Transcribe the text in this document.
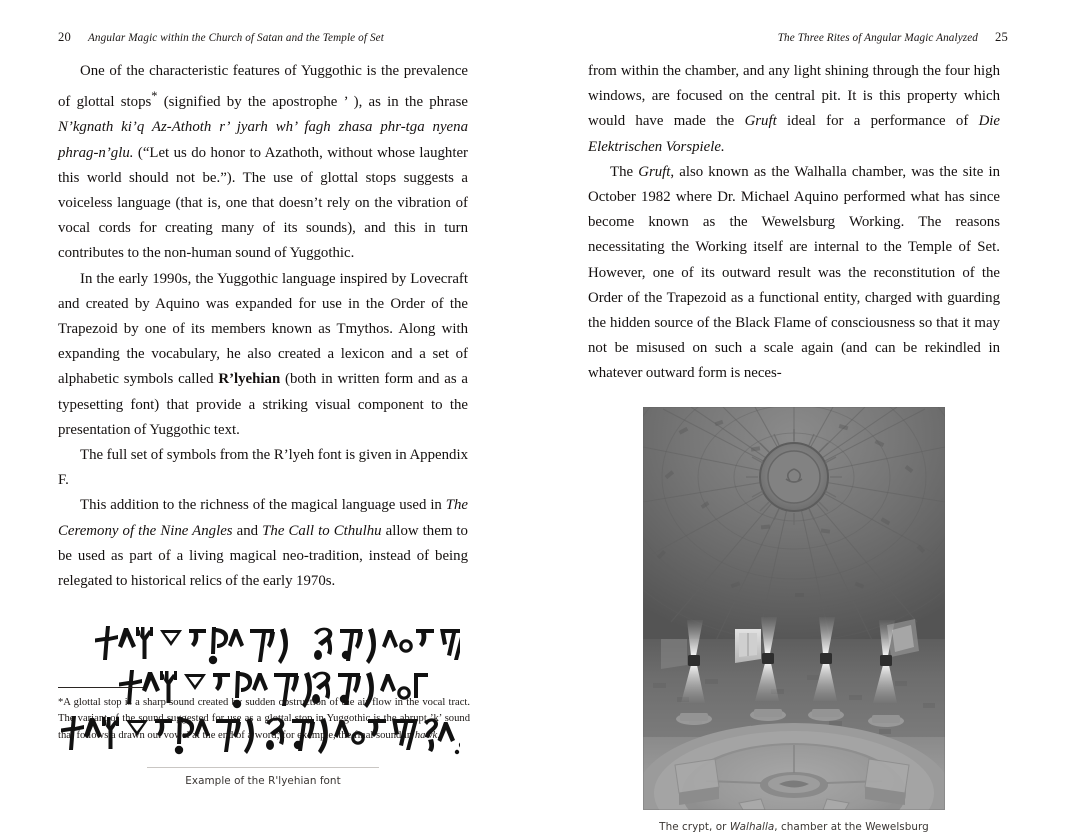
20 Angular Magic within the Church of Satan and the Temple of Set

One of the characteristic features of Yuggothic is the prevalence of glottal stops* (signified by the apostrophe ’ ), as in the phrase N’kgnath ki’q Az-Athoth r’ jyarh wh’ fagh zhasa phr-tga nyena phrag-n’glu. (“Let us do honor to Azathoth, without whose laughter this world should not be.”). The use of glottal stops suggests a voiceless language (that is, one that doesn’t rely on the vibration of vocal cords for creating many of its sounds), and this in turn contributes to the non-human sound of Yuggothic.

In the early 1990s, the Yuggothic language inspired by Lovecraft and created by Aquino was expanded for use in the Order of the Trapezoid by one of its members known as Tmythos. Along with expanding the vocabulary, he also created a lexicon and a set of alphabetic symbols called R’lyehian (both in written form and as a typesetting font) that provide a striking visual component to the presentation of Yuggothic text.

The full set of symbols from the R’lyeh font is given in Appendix F.

This addition to the richness of the magical language used in The Ceremony of the Nine Angles and The Call to Cthulhu allow them to be used as part of a living magical neo-tradition, instead of being relegated to historical relics of the early 1970s.

Example of the R'lyehian font

*A glottal stop is a sharp sound created by sudden obstruction of the air flow in the vocal tract. The variant of the sound suggested for use as a glottal stop in Yuggothic is the abrupt ’k’ sound that follows a drawn out vowel at the end of a word; for example, the final sound in hawk.

The Three Rites of Angular Magic Analyzed 25

from within the chamber, and any light shining through the four high windows, are focused on the central pit. It is this property which would have made the Gruft ideal for a performance of Die Elektrischen Vorspiele.

The Gruft, also known as the Walhalla chamber, was the site in October 1982 where Dr. Michael Aquino performed what has since become known as the Wewelsburg Working. The reasons necessitating the Working itself are internal to the Temple of Set. However, one of its outward result was the reconstitution of the Order of the Trapezoid as a functional entity, charged with guarding the hidden source of the Black Flame of consciousness so that it may not be misused on such a scale again (and can be rekindled in whatever outward form is neces-

The crypt, or Walhalla, chamber at the Wewelsburg
